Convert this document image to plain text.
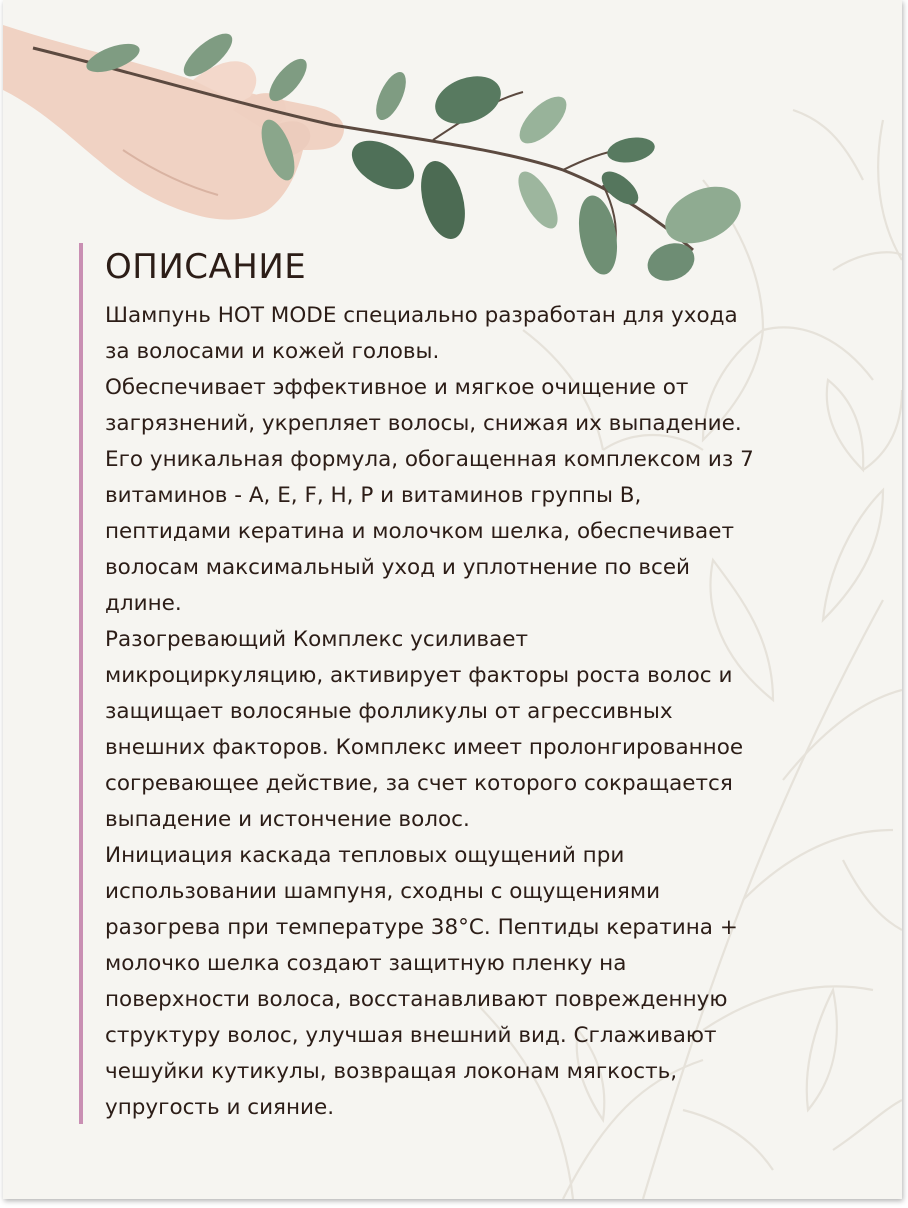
ОПИСАНИЕ
Шампунь HOT MODE специально разработан для ухода
за волосами и кожей головы.
Обеспечивает эффективное и мягкое очищение от
загрязнений, укрепляет волосы, снижая их выпадение.
Его уникальная формула, обогащенная комплексом из 7
витаминов - А, Е, F, H, P и витаминов группы В,
пептидами кератина и молочком шелка, обеспечивает
волосам максимальный уход и уплотнение по всей
длине.
Разогревающий Комплекс усиливает
микроциркуляцию, активирует факторы роста волос и
защищает волосяные фолликулы от агрессивных
внешних факторов. Комплекс имеет пролонгированное
согревающее действие, за счет которого сокращается
выпадение и истончение волос.
Инициация каскада тепловых ощущений при
использовании шампуня, сходны с ощущениями
разогрева при температуре 38°С. Пептиды кератина +
молочко шелка создают защитную пленку на
поверхности волоса, восстанавливают поврежденную
структуру волос, улучшая внешний вид. Сглаживают
чешуйки кутикулы, возвращая локонам мягкость,
упругость и сияние.
